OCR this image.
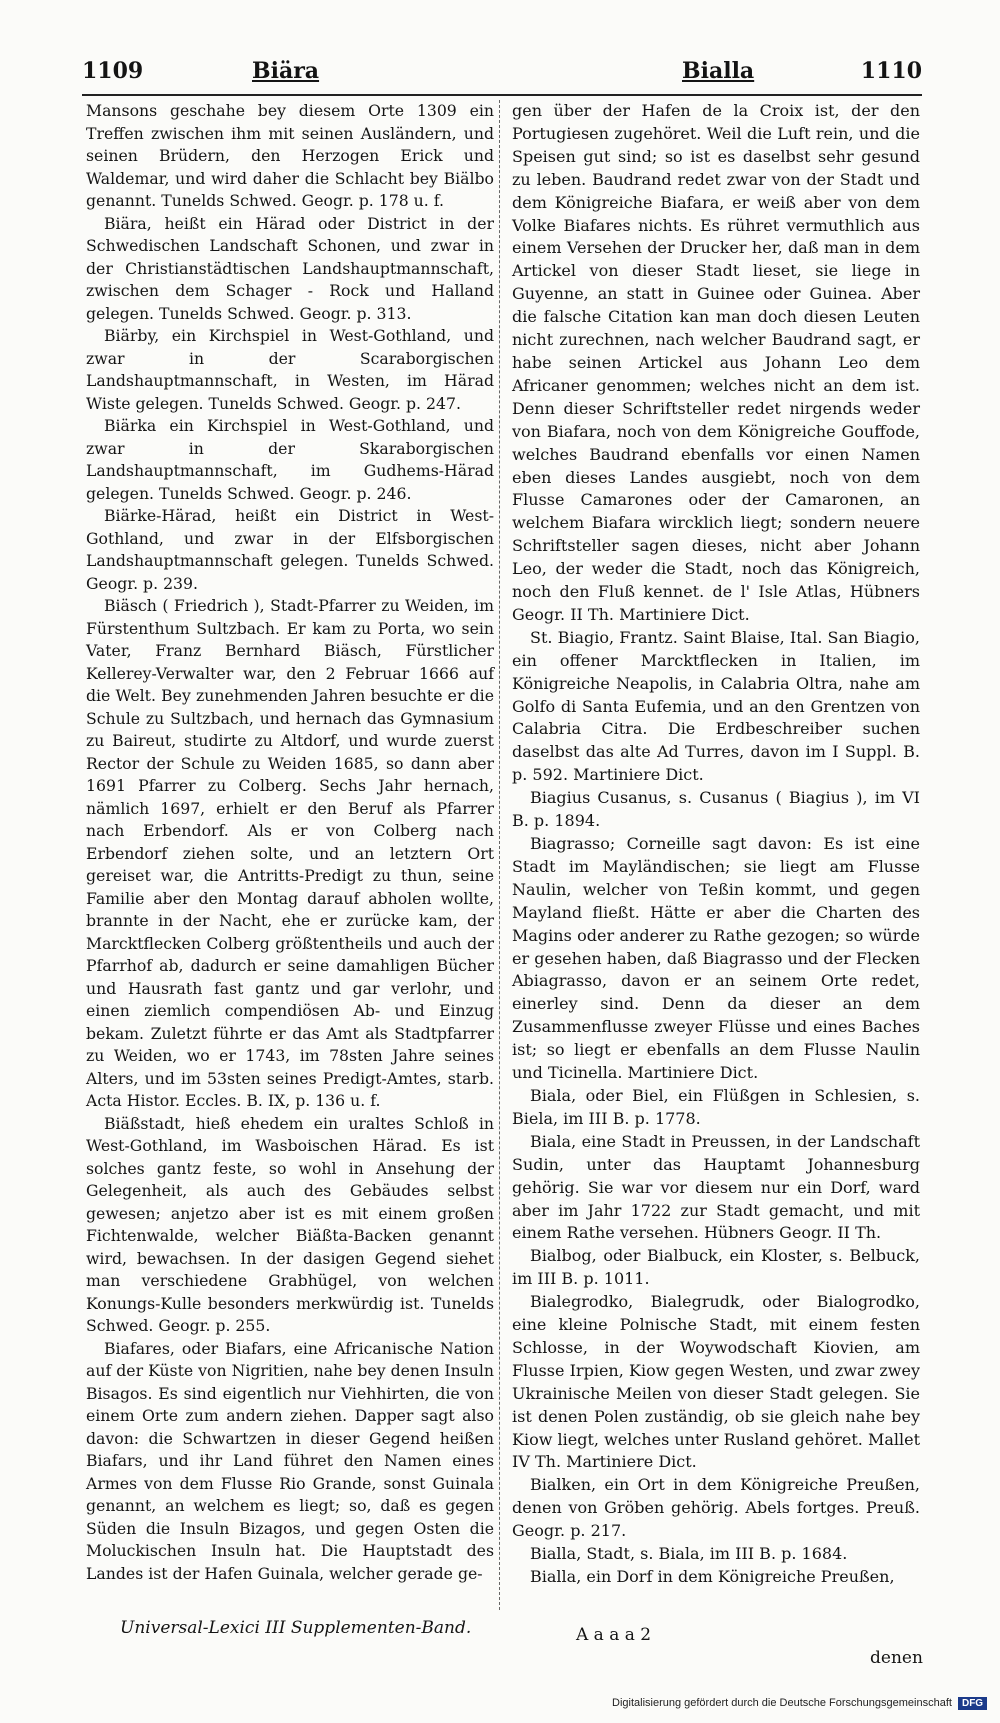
1109	Biära	Bialla	1110

Mansons geschahe bey diesem Orte 1309 ein Treffen zwischen ihm mit seinen Ausländern, und seinen Brüdern, den Herzogen Erick und Waldemar, und wird daher die Schlacht bey Biälbo genannt. Tunelds Schwed. Geogr. p. 178 u. f.

Biära, heißt ein Härad oder District in der Schwedischen Landschaft Schonen, und zwar in der Christianstädtischen Landshauptmannschaft, zwischen dem Schager - Rock und Halland gelegen. Tunelds Schwed. Geogr. p. 313.

Biärby, ein Kirchspiel in West-Gothland, und zwar in der Scaraborgischen Landshauptmannschaft, in Westen, im Härad Wiste gelegen. Tunelds Schwed. Geogr. p. 247.

Biärka ein Kirchspiel in West-Gothland, und zwar in der Skaraborgischen Landshauptmannschaft, im Gudhems-Härad gelegen. Tunelds Schwed. Geogr. p. 246.

Biärke-Härad, heißt ein District in West-Gothland, und zwar in der Elfsborgischen Landshauptmannschaft gelegen. Tunelds Schwed. Geogr. p. 239.

Biäsch ( Friedrich ), Stadt-Pfarrer zu Weiden, im Fürstenthum Sultzbach. Er kam zu Porta, wo sein Vater, Franz Bernhard Biäsch, Fürstlicher Kellerey-Verwalter war, den 2 Februar 1666 auf die Welt. Bey zunehmenden Jahren besuchte er die Schule zu Sultzbach, und hernach das Gymnasium zu Baireut, studirte zu Altdorf, und wurde zuerst Rector der Schule zu Weiden 1685, so dann aber 1691 Pfarrer zu Colberg. Sechs Jahr hernach, nämlich 1697, erhielt er den Beruf als Pfarrer nach Erbendorf. Als er von Colberg nach Erbendorf ziehen solte, und an letztern Ort gereiset war, die Antritts-Predigt zu thun, seine Familie aber den Montag darauf abholen wollte, brannte in der Nacht, ehe er zurücke kam, der Marcktflecken Colberg größtentheils und auch der Pfarrhof ab, dadurch er seine damahligen Bücher und Hausrath fast gantz und gar verlohr, und einen ziemlich compendiösen Ab- und Einzug bekam. Zuletzt führte er das Amt als Stadtpfarrer zu Weiden, wo er 1743, im 78sten Jahre seines Alters, und im 53sten seines Predigt-Amtes, starb. Acta Histor. Eccles. B. IX, p. 136 u. f.

Biäßstadt, hieß ehedem ein uraltes Schloß in West-Gothland, im Wasboischen Härad. Es ist solches gantz feste, so wohl in Ansehung der Gelegenheit, als auch des Gebäudes selbst gewesen; anjetzo aber ist es mit einem großen Fichtenwalde, welcher Biäßta-Backen genannt wird, bewachsen. In der dasigen Gegend siehet man verschiedene Grabhügel, von welchen Konungs-Kulle besonders merkwürdig ist. Tunelds Schwed. Geogr. p. 255.

Biafares, oder Biafars, eine Africanische Nation auf der Küste von Nigritien, nahe bey denen Insuln Bisagos. Es sind eigentlich nur Viehhirten, die von einem Orte zum andern ziehen. Dapper sagt also davon: die Schwartzen in dieser Gegend heißen Biafars, und ihr Land führet den Namen eines Armes von dem Flusse Rio Grande, sonst Guinala genannt, an welchem es liegt; so, daß es gegen Süden die Insuln Bizagos, und gegen Osten die Moluckischen Insuln hat. Die Hauptstadt des Landes ist der Hafen Guinala, welcher gerade ge-

gen über der Hafen de la Croix ist, der den Portugiesen zugehöret. Weil die Luft rein, und die Speisen gut sind; so ist es daselbst sehr gesund zu leben. Baudrand redet zwar von der Stadt und dem Königreiche Biafara, er weiß aber von dem Volke Biafares nichts. Es rühret vermuthlich aus einem Versehen der Drucker her, daß man in dem Artickel von dieser Stadt lieset, sie liege in Guyenne, an statt in Guinee oder Guinea. Aber die falsche Citation kan man doch diesen Leuten nicht zurechnen, nach welcher Baudrand sagt, er habe seinen Artickel aus Johann Leo dem Africaner genommen; welches nicht an dem ist. Denn dieser Schriftsteller redet nirgends weder von Biafara, noch von dem Königreiche Gouffode, welches Baudrand ebenfalls vor einen Namen eben dieses Landes ausgiebt, noch von dem Flusse Camarones oder der Camaronen, an welchem Biafara wircklich liegt; sondern neuere Schriftsteller sagen dieses, nicht aber Johann Leo, der weder die Stadt, noch das Königreich, noch den Fluß kennet. de l' Isle Atlas, Hübners Geogr. II Th. Martiniere Dict.

St. Biagio, Frantz. Saint Blaise, Ital. San Biagio, ein offener Marcktflecken in Italien, im Königreiche Neapolis, in Calabria Oltra, nahe am Golfo di Santa Eufemia, und an den Grentzen von Calabria Citra. Die Erdbeschreiber suchen daselbst das alte Ad Turres, davon im I Suppl. B. p. 592. Martiniere Dict.

Biagius Cusanus, s. Cusanus ( Biagius ), im VI B. p. 1894.

Biagrasso; Corneille sagt davon: Es ist eine Stadt im Mayländischen; sie liegt am Flusse Naulin, welcher von Teßin kommt, und gegen Mayland fließt. Hätte er aber die Charten des Magins oder anderer zu Rathe gezogen; so würde er gesehen haben, daß Biagrasso und der Flecken Abiagrasso, davon er an seinem Orte redet, einerley sind. Denn da dieser an dem Zusammenflusse zweyer Flüsse und eines Baches ist; so liegt er ebenfalls an dem Flusse Naulin und Ticinella. Martiniere Dict.

Biala, oder Biel, ein Flüßgen in Schlesien, s. Biela, im III B. p. 1778.

Biala, eine Stadt in Preussen, in der Landschaft Sudin, unter das Hauptamt Johannesburg gehörig. Sie war vor diesem nur ein Dorf, ward aber im Jahr 1722 zur Stadt gemacht, und mit einem Rathe versehen. Hübners Geogr. II Th.

Bialbog, oder Bialbuck, ein Kloster, s. Belbuck, im III B. p. 1011.

Bialegrodko, Bialegrudk, oder Bialogrodko, eine kleine Polnische Stadt, mit einem festen Schlosse, in der Woywodschaft Kiovien, am Flusse Irpien, Kiow gegen Westen, und zwar zwey Ukrainische Meilen von dieser Stadt gelegen. Sie ist denen Polen zuständig, ob sie gleich nahe bey Kiow liegt, welches unter Rusland gehöret. Mallet IV Th. Martiniere Dict.

Bialken, ein Ort in dem Königreiche Preußen, denen von Gröben gehörig. Abels fortges. Preuß. Geogr. p. 217.

Bialla, Stadt, s. Biala, im III B. p. 1684.

Bialla, ein Dorf in dem Königreiche Preußen,

Universal-Lexici III Supplementen-Band.	A a a a 2
denen
Digitalisierung gefördert durch die Deutsche Forschungsgemeinschaft DFG
